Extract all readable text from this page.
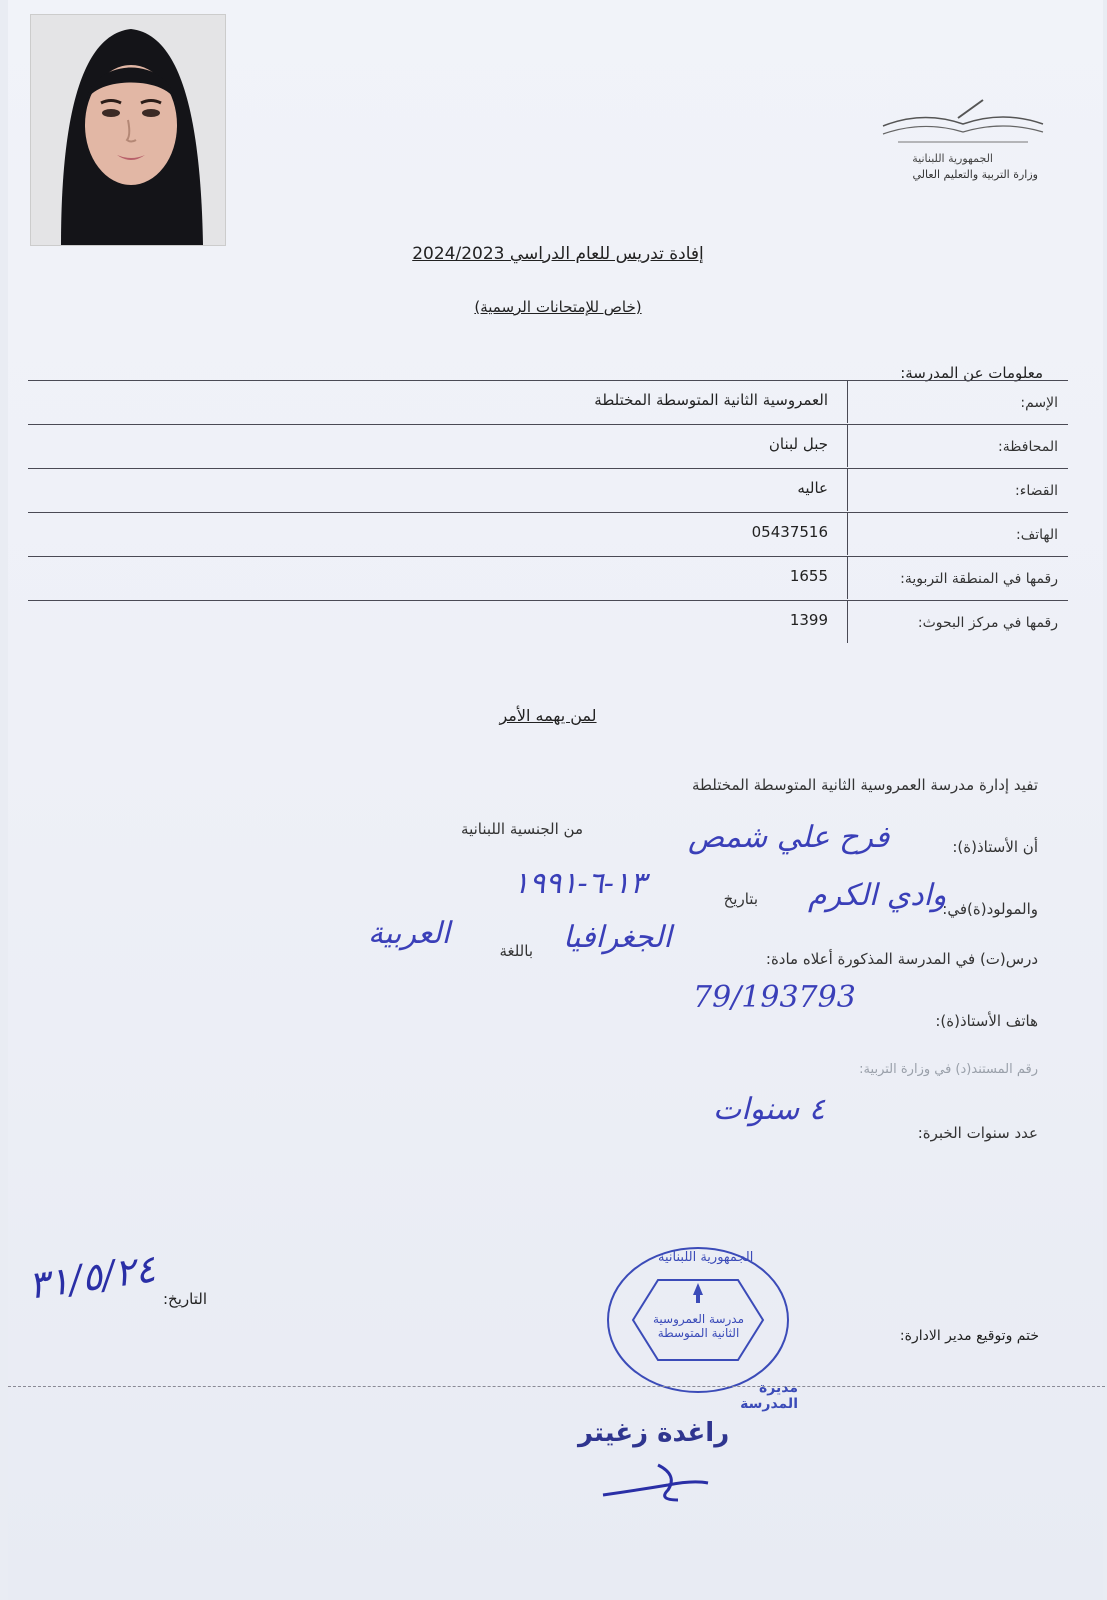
الجمهورية اللبنانية
وزارة التربية والتعليم العالي
إفادة تدريس للعام الدراسي 2024/2023
(خاص للإمتحانات الرسمية)
معلومات عن المدرسة:
الإسم:
العمروسية الثانية المتوسطة المختلطة
المحافظة:
جبل لبنان
القضاء:
عاليه
الهاتف:
05437516
رقمها في المنطقة التربوية:
1655
رقمها في مركز البحوث:
1399
لمن يهمه الأمر
تفيد إدارة مدرسة العمروسية الثانية المتوسطة المختلطة
أن الأستاذ(ة):
فرح علي شمص
من الجنسية اللبنانية
والمولود(ة)في:
وادي الكرم
بتاريخ
١٣-٦-١٩٩١
درس(ت) في المدرسة المذكورة أعلاه مادة:
الجغرافيا
باللغة
العربية
هاتف الأستاذ(ة):
79/193793
رقم المستند(د) في وزارة التربية:
عدد سنوات الخبرة:
٤ سنوات
٣١/٥/٢٤ التاريخ:
ختم وتوقيع مدير الادارة:
الجمهورية اللبنانية
مدرسة العمروسية الثانية المتوسطة
مديرة المدرسة
راغدة زغيتر
